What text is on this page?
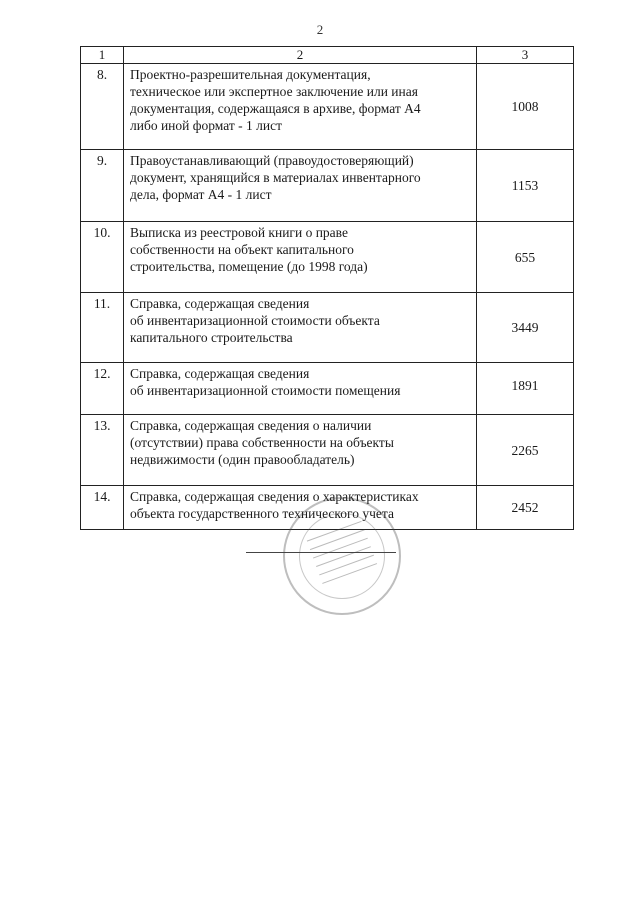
2
1	2	3
8.	Проектно-разрешительная документация,
техническое или экспертное заключение или иная
документация, содержащаяся в архиве, формат А4
либо иной формат - 1 лист	1008
9.	Правоустанавливающий (правоудостоверяющий)
документ, хранящийся в материалах инвентарного
дела, формат А4 - 1 лист	1153
10.	Выписка из реестровой книги о праве
собственности на объект капитального
строительства, помещение (до 1998 года)	655
11.	Справка, содержащая сведения
об инвентаризационной стоимости объекта
капитального строительства	3449
12.	Справка, содержащая сведения
об инвентаризационной стоимости помещения	1891
13.	Справка, содержащая сведения о наличии
(отсутствии) права собственности на объекты
недвижимости (один правообладатель)	2265
14.	Справка, содержащая сведения о характеристиках
объекта государственного технического учета	2452
